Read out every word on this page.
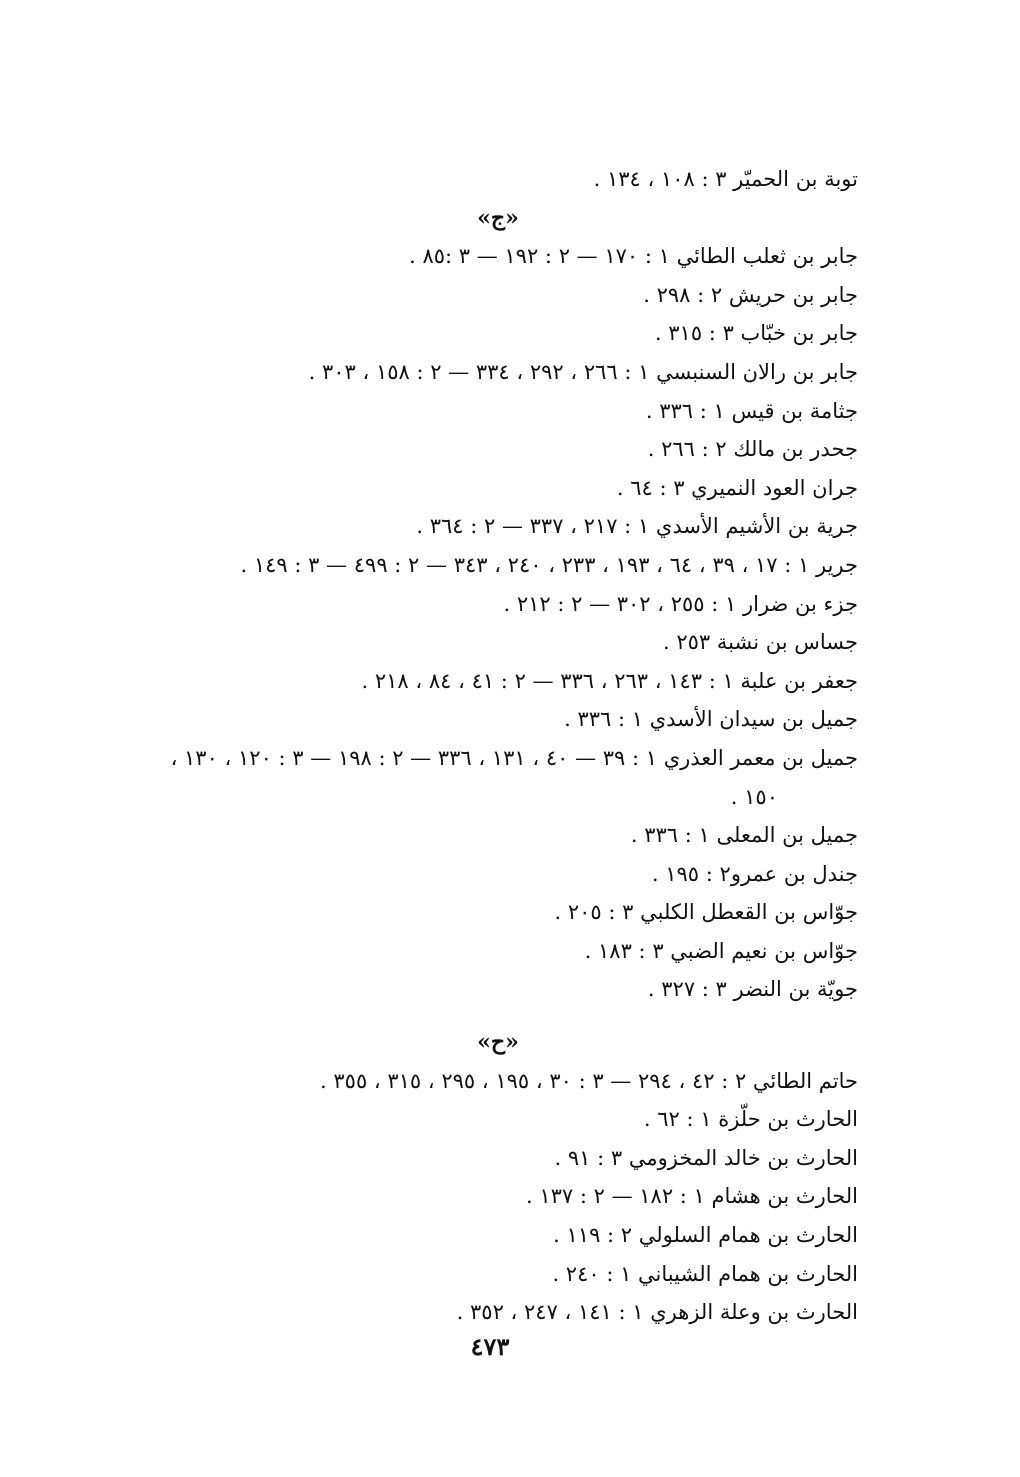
توبة بن الحميّر ٣ : ١٠٨ ، ١٣٤ .
«ج»
جابر بن ثعلب الطائي ١ : ١٧٠ — ٢ : ١٩٢ — ٣ :٨٥ .
جابر بن حريش ٢ : ٢٩٨ .
جابر بن خبّاب ٣ : ٣١٥ .
جابر بن رالان السنبسي ١ : ٢٦٦ ، ٢٩٢ ، ٣٣٤ — ٢ : ١٥٨ ، ٣٠٣ .
جثامة بن قيس ١ : ٣٣٦ .
جحدر بن مالك ٢ : ٢٦٦ .
جران العود النميري ٣ : ٦٤ .
جرية بن الأشيم الأسدي ١ : ٢١٧ ، ٣٣٧ — ٢ : ٣٦٤ .
جرير ١ : ١٧ ، ٣٩ ، ٦٤ ، ١٩٣ ، ٢٣٣ ، ٢٤٠ ، ٣٤٣ — ٢ : ٤٩٩ — ٣ : ١٤٩ .
جزء بن ضرار ١ : ٢٥٥ ، ٣٠٢ — ٢ : ٢١٢ .
جساس بن نشبة ٢٥٣ .
جعفر بن علبة ١ : ١٤٣ ، ٢٦٣ ، ٣٣٦ — ٢ : ٤١ ، ٨٤ ، ٢١٨ .
جميل بن سيدان الأسدي ١ : ٣٣٦ .
جميل بن معمر العذري ١ : ٣٩ — ٤٠ ، ١٣١ ، ٣٣٦ — ٢ : ١٩٨ — ٣ : ١٢٠ ، ١٣٠ ،
. ١٥٠
جميل بن المعلى ١ : ٣٣٦ .
جندل بن عمرو٢ : ١٩٥ .
جوّاس بن القعطل الكلبي ٣ : ٢٠٥ .
جوّاس بن نعيم الضبي ٣ : ١٨٣ .
جويّة بن النضر ٣ : ٣٢٧ .
«ح»
حاتم الطائي ٢ : ٤٢ ، ٢٩٤ — ٣ : ٣٠ ، ١٩٥ ، ٢٩٥ ، ٣١٥ ، ٣٥٥ .
الحارث بن حلّزة ١ : ٦٢ .
الحارث بن خالد المخزومي ٣ : ٩١ .
الحارث بن هشام ١ : ١٨٢ — ٢ : ١٣٧ .
الحارث بن همام السلولي ٢ : ١١٩ .
الحارث بن همام الشيباني ١ : ٢٤٠ .
الحارث بن وعلة الزهري ١ : ١٤١ ، ٢٤٧ ، ٣٥٢ .
٤٧٣
